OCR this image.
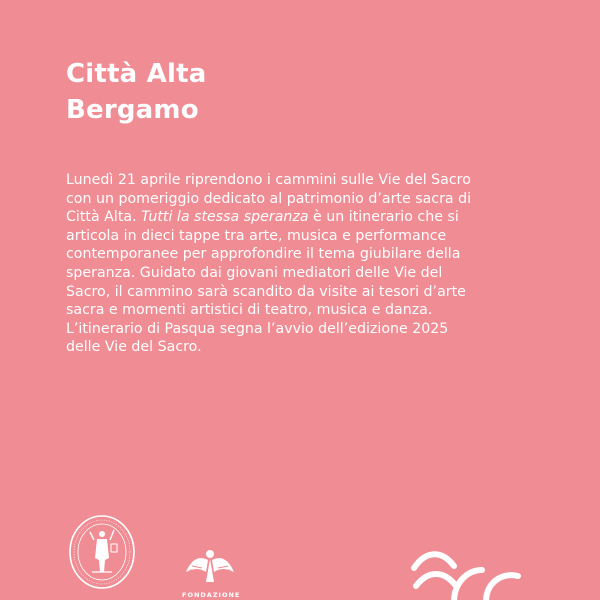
Città Alta
Bergamo

Lunedì 21 aprile riprendono i cammini sulle Vie del Sacro con un pomeriggio dedicato al patrimonio d’arte sacra di Città Alta. Tutti la stessa speranza è un itinerario che si articola in dieci tappe tra arte, musica e performance contemporanee per approfondire il tema giubilare della speranza. Guidato dai giovani mediatori delle Vie del Sacro, il cammino sarà scandito da visite ai tesori d’arte sacra e momenti artistici di teatro, musica e danza. L’itinerario di Pasqua segna l’avvio dell’edizione 2025 delle Vie del Sacro.

FONDAZIONE
